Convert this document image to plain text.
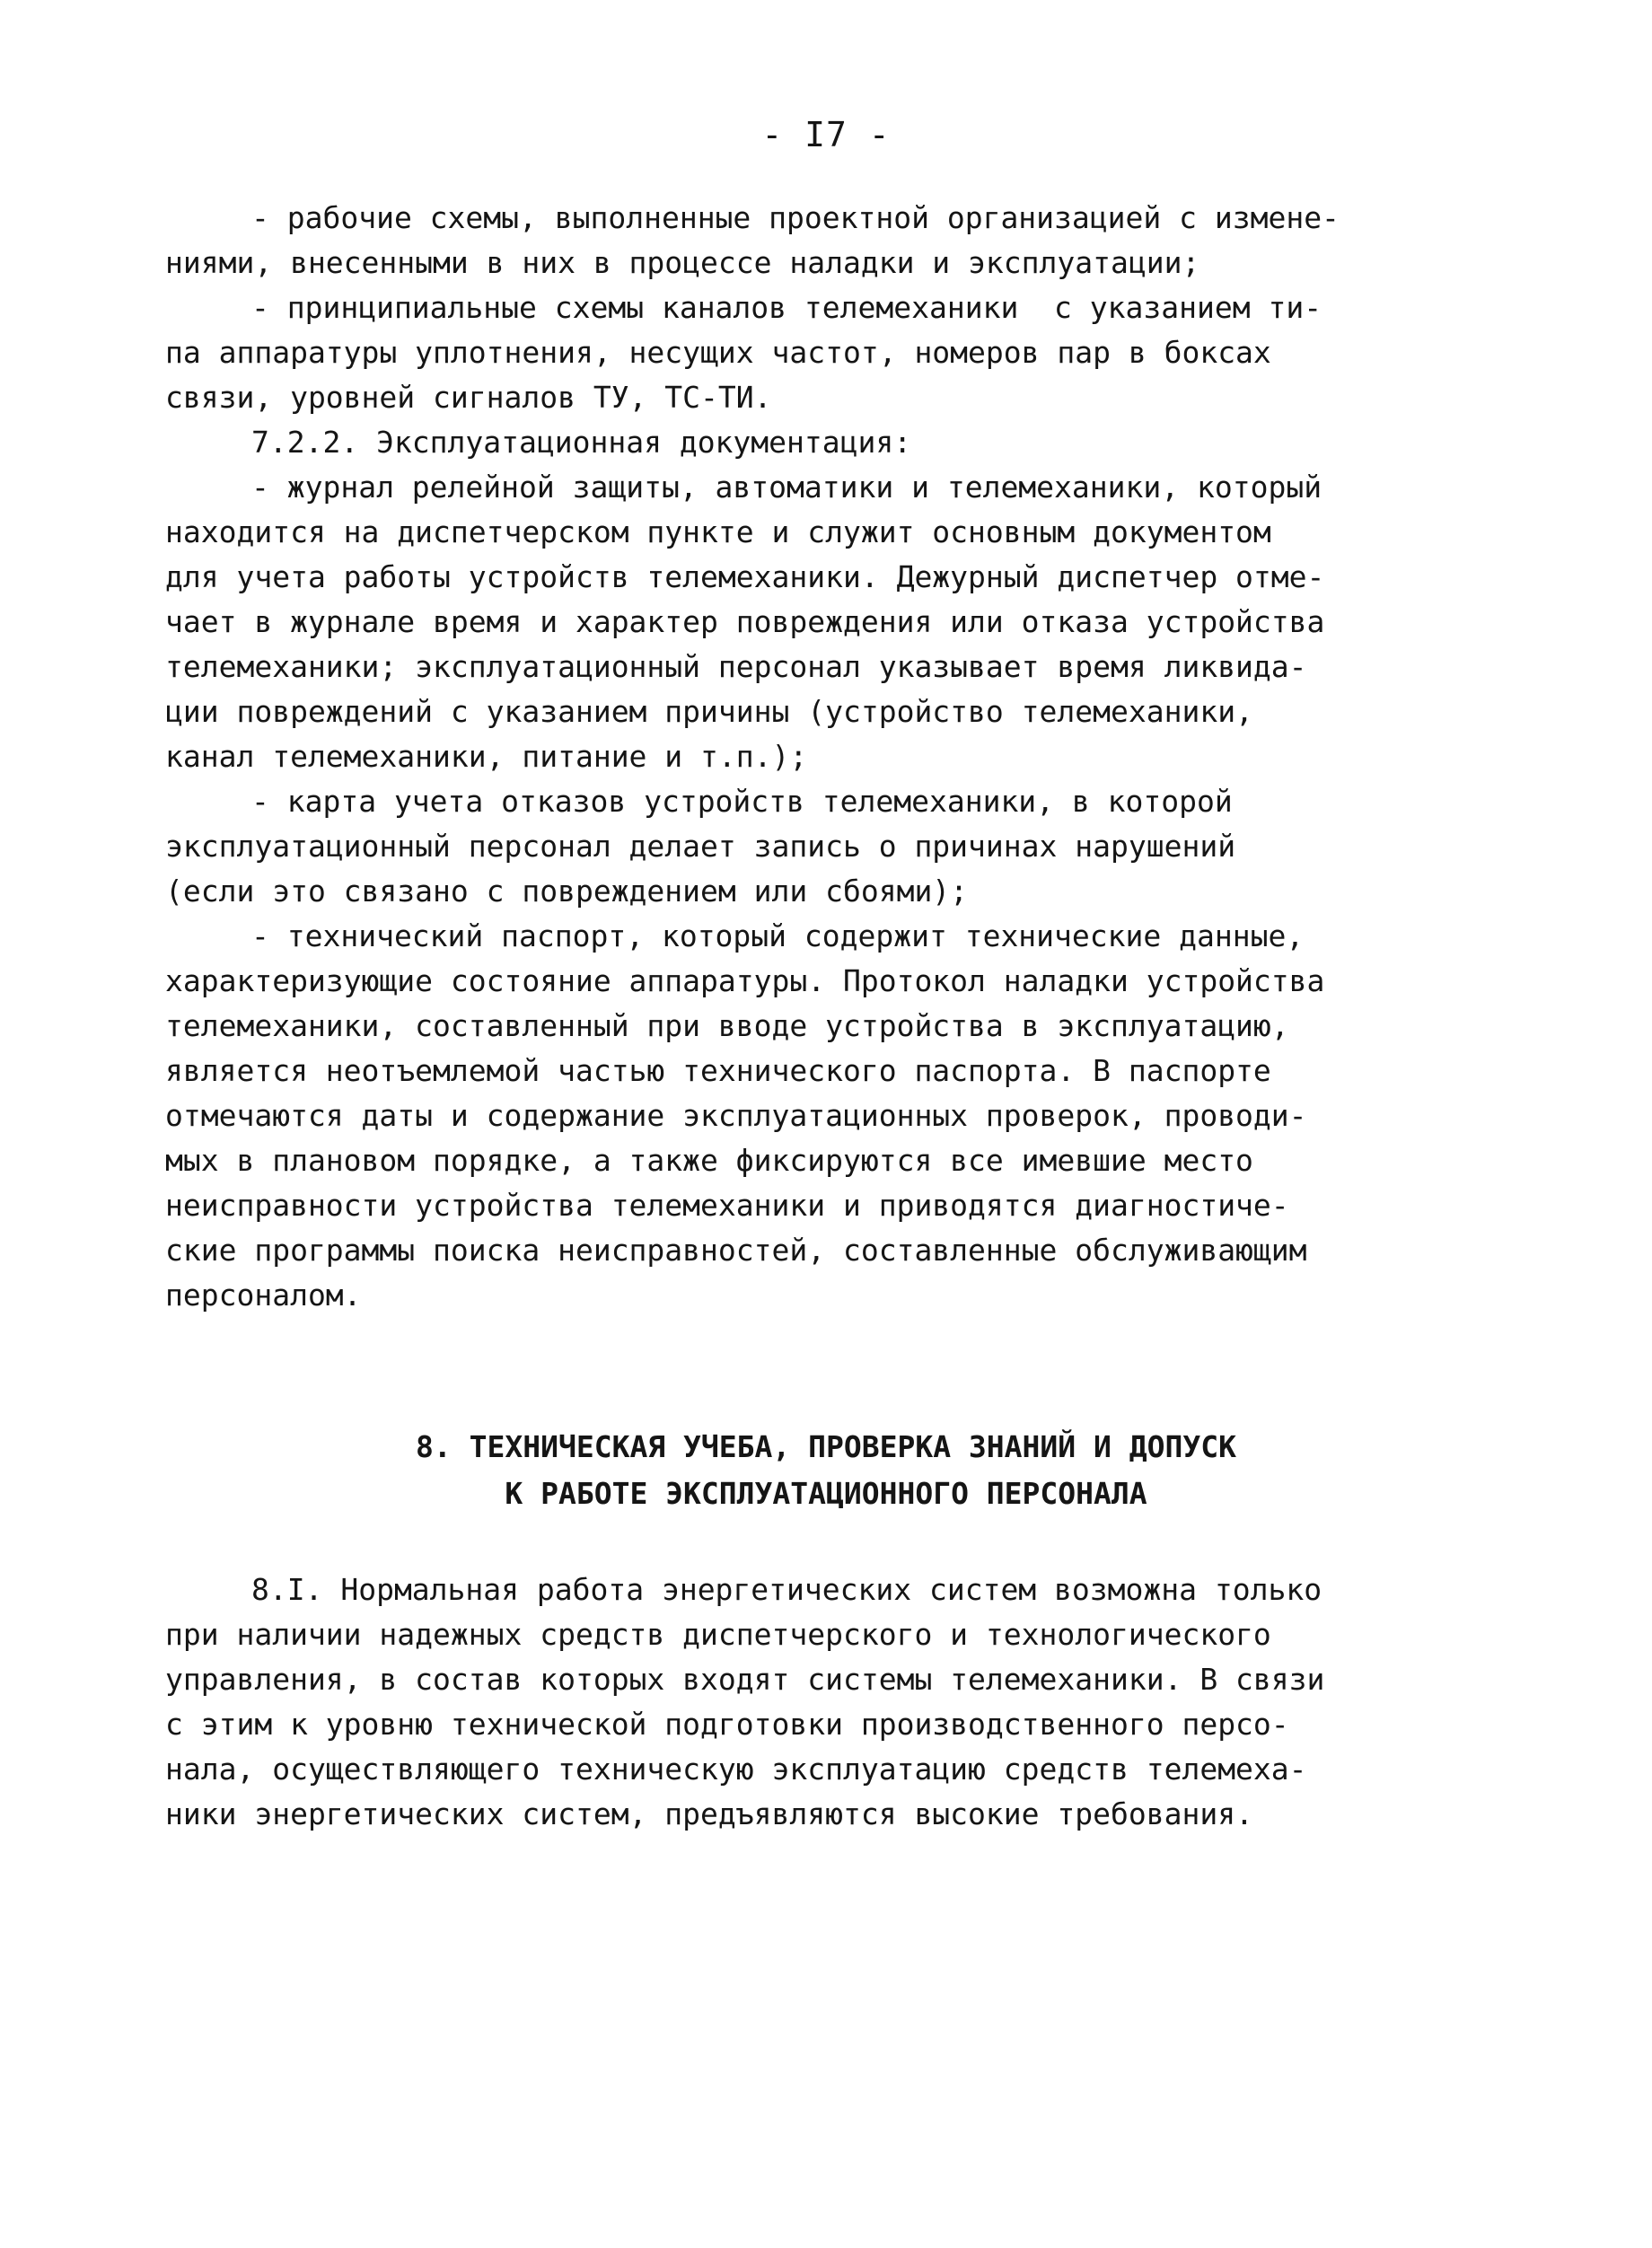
- I7 -
- рабочие схемы, выполненные проектной организацией с измене-
ниями, внесенными в них в процессе наладки и эксплуатации;
- принципиальные схемы каналов телемеханики  с указанием ти-
па аппаратуры уплотнения, несущих частот, номеров пар в боксах
связи, уровней сигналов ТУ, ТС-ТИ.
7.2.2. Эксплуатационная документация:
- журнал релейной защиты, автоматики и телемеханики, который
находится на диспетчерском пункте и служит основным документом
для учета работы устройств телемеханики. Дежурный диспетчер отме-
чает в журнале время и характер повреждения или отказа устройства
телемеханики; эксплуатационный персонал указывает время ликвида-
ции повреждений с указанием причины (устройство телемеханики,
канал телемеханики, питание и т.п.);
- карта учета отказов устройств телемеханики, в которой
эксплуатационный персонал делает запись о причинах нарушений
(если это связано с повреждением или сбоями);
- технический паспорт, который содержит технические данные,
характеризующие состояние аппаратуры. Протокол наладки устройства
телемеханики, составленный при вводе устройства в эксплуатацию,
является неотъемлемой частью технического паспорта. В паспорте
отмечаются даты и содержание эксплуатационных проверок, проводи-
мых в плановом порядке, а также фиксируются все имевшие место
неисправности устройства телемеханики и приводятся диагностиче-
ские программы поиска неисправностей, составленные обслуживающим
персоналом.
8. ТЕХНИЧЕСКАЯ УЧЕБА, ПРОВЕРКА ЗНАНИЙ И ДОПУСК
К РАБОТЕ ЭКСПЛУАТАЦИОННОГО ПЕРСОНАЛА
8.I. Нормальная работа энергетических систем возможна только
при наличии надежных средств диспетчерского и технологического
управления, в состав которых входят системы телемеханики. В связи
с этим к уровню технической подготовки производственного персо-
нала, осуществляющего техническую эксплуатацию средств телемеха-
ники энергетических систем, предъявляются высокие требования.
